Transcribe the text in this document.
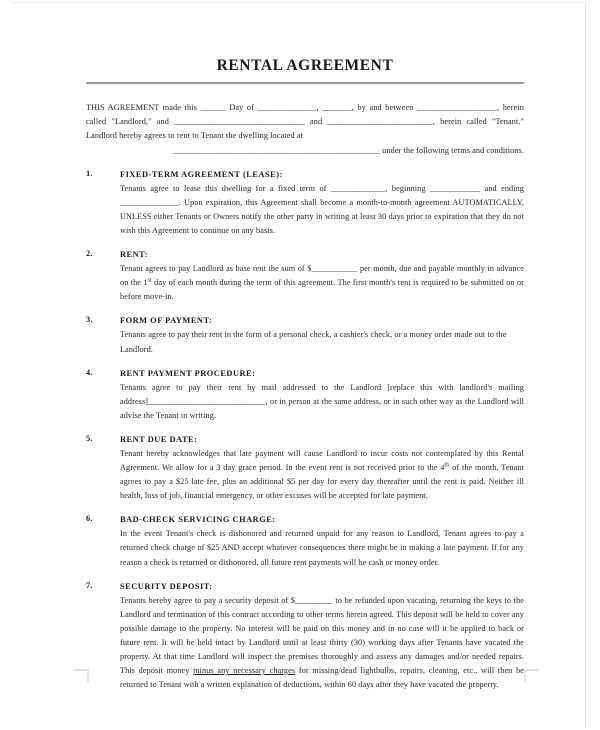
RENTAL AGREEMENT

THIS AGREEMENT made this ______ Day of ______________, _______, by and between ___________________, herein called "Landlord," and _______________________________ and _________________________, herein called "Tenant." Landlord hereby agrees to rent to Tenant the dwelling located at
_________________________________________________ under the following terms and conditions.

1.	FIXED-TERM AGREEMENT (LEASE):

Tenants agree to lease this dwelling for a fixed term of _____________, beginning ____________ and ending ______________. Upon expiration, this Agreement shall become a month-to-month agreement AUTOMATICALLY, UNLESS either Tenants or Owners notify the other party in writing at least 30 days prior to expiration that they do not wish this Agreement to continue on any basis.

2.	RENT:

Tenant agrees to pay Landlord as base rent the sum of $___________ per month, due and payable monthly in advance on the 1st day of each month during the term of this agreement. The first month's rent is required to be submitted on or before move-in.

3.	FORM OF PAYMENT:

Tenants agree to pay their rent in the form of a personal check, a cashier's check, or a money order made out to the Landlord.

4.	RENT PAYMENT PROCEDURE:

Tenants agree to pay their rent by mail addressed to the Landlord [replace this with landlord's mailing address]____________________________, or in person at the same address, or in such other way as the Landlord will advise the Tenant in writing.

5.	RENT DUE DATE:

Tenant hereby acknowledges that late payment will cause Landlord to incur costs not contemplated by this Rental Agreement. We allow for a 3 day grace period. In the event rent is not received prior to the 4th of the month, Tenant agrees to pay a $25 late fee, plus an additional $5 per day for every day thereafter until the rent is paid. Neither ill health, loss of job, financial emergency, or other excuses will be accepted for late payment.

6.	BAD-CHECK SERVICING CHARGE:

In the event Tenant's check is dishonored and returned unpaid for any reason to Landlord, Tenant agrees to pay a returned check charge of $25 AND accept whatever consequences there might be in making a late payment. If for any reason a check is returned or dishonored, all future rent payments will be cash or money order.

7.	SECURITY DEPOSIT:

Tenants hereby agree to pay a security deposit of $_________ to be refunded upon vacating, returning the keys to the Landlord and termination of this contract according to other terms herein agreed. This deposit will be held to cover any possible damage to the property. No interest will be paid on this money and in no case will it be applied to back or future rent. It will be held intact by Landlord until at least thirty (30) working days after Tenants have vacated the property. At that time Landlord will inspect the premises thoroughly and assess any damages and/or needed repairs. This deposit money minus any necessary charges for missing/dead lightbulbs, repairs, cleaning, etc., will then be returned to Tenant with a written explanation of deductions, within 60 days after they have vacated the property.
